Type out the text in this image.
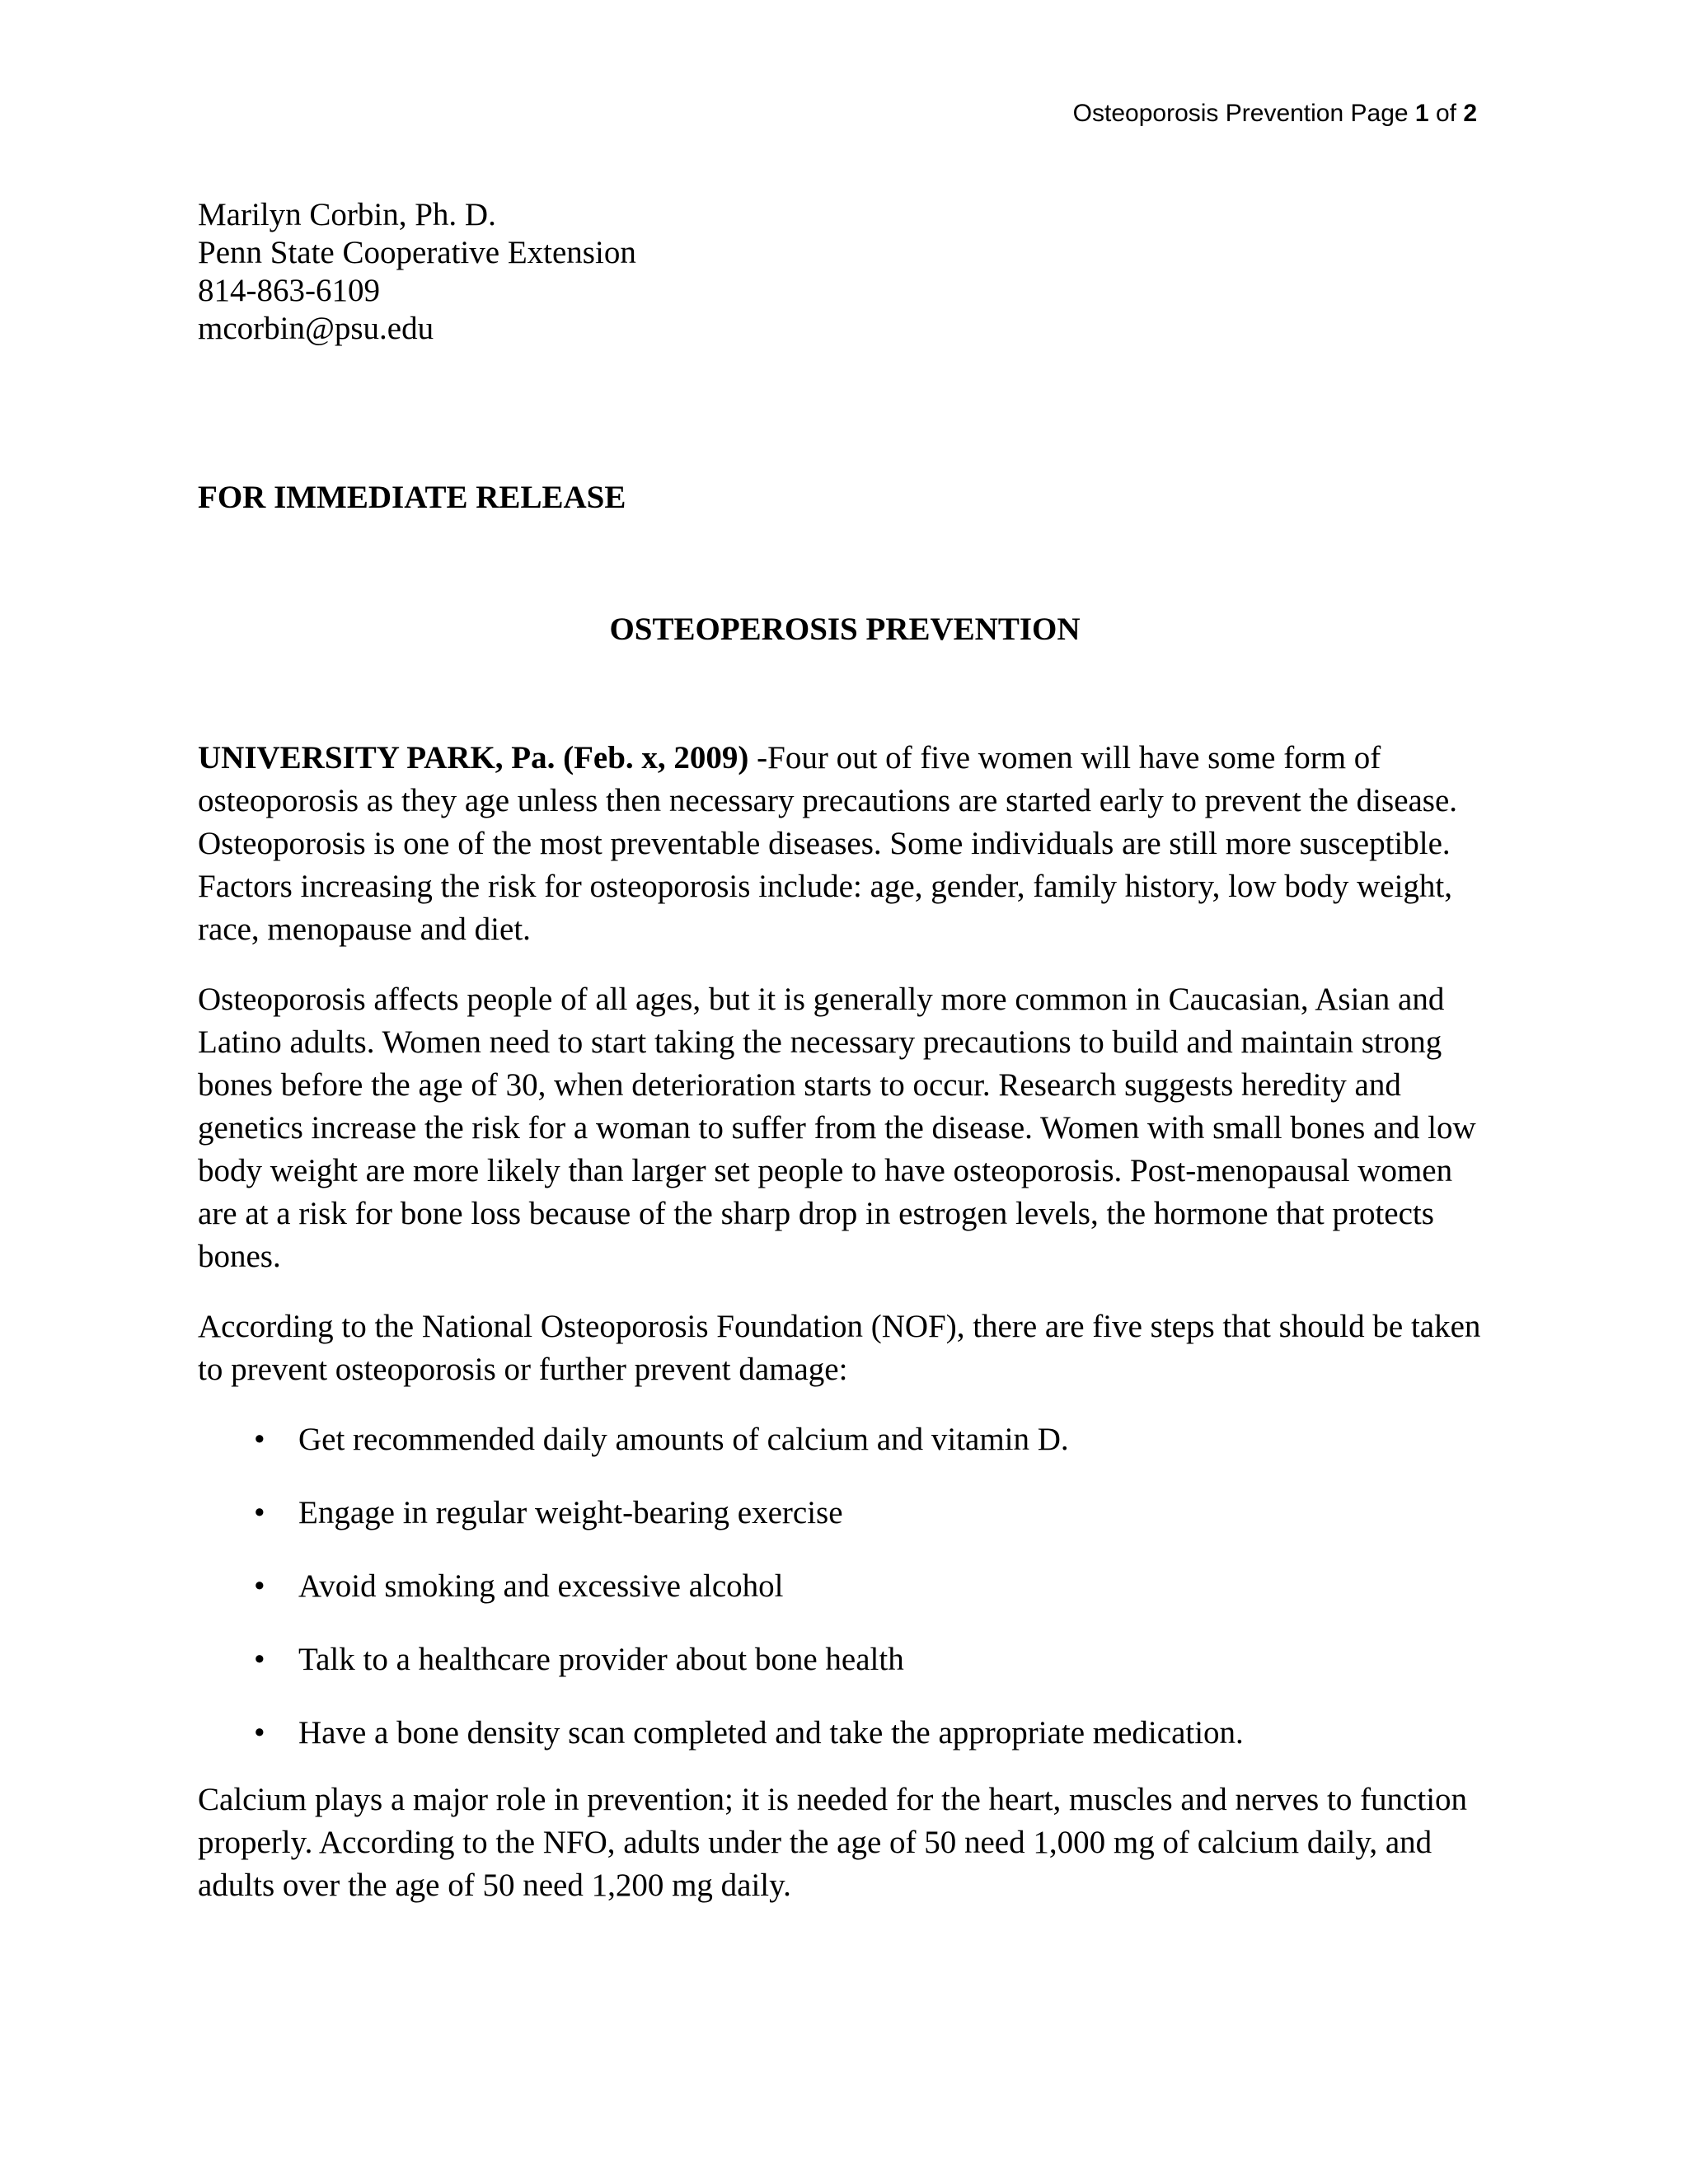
Osteoporosis Prevention Page 1 of 2
Marilyn Corbin, Ph. D.
Penn State Cooperative Extension
814-863-6109
mcorbin@psu.edu
FOR IMMEDIATE RELEASE
OSTEOPEROSIS PREVENTION

UNIVERSITY PARK, Pa. (Feb. x, 2009) -Four out of five women will have some form of osteoporosis as they age unless then necessary precautions are started early to prevent the disease. Osteoporosis is one of the most preventable diseases. Some individuals are still more susceptible. Factors increasing the risk for osteoporosis include: age, gender, family history, low body weight, race, menopause and diet.

Osteoporosis affects people of all ages, but it is generally more common in Caucasian, Asian and Latino adults. Women need to start taking the necessary precautions to build and maintain strong bones before the age of 30, when deterioration starts to occur. Research suggests heredity and genetics increase the risk for a woman to suffer from the disease. Women with small bones and low body weight are more likely than larger set people to have osteoporosis. Post-menopausal women are at a risk for bone loss because of the sharp drop in estrogen levels, the hormone that protects bones.

According to the National Osteoporosis Foundation (NOF), there are five steps that should be taken to prevent osteoporosis or further prevent damage:

• Get recommended daily amounts of calcium and vitamin D.
• Engage in regular weight-bearing exercise
• Avoid smoking and excessive alcohol
• Talk to a healthcare provider about bone health
• Have a bone density scan completed and take the appropriate medication.

Calcium plays a major role in prevention; it is needed for the heart, muscles and nerves to function properly. According to the NFO, adults under the age of 50 need 1,000 mg of calcium daily, and adults over the age of 50 need 1,200 mg daily.
